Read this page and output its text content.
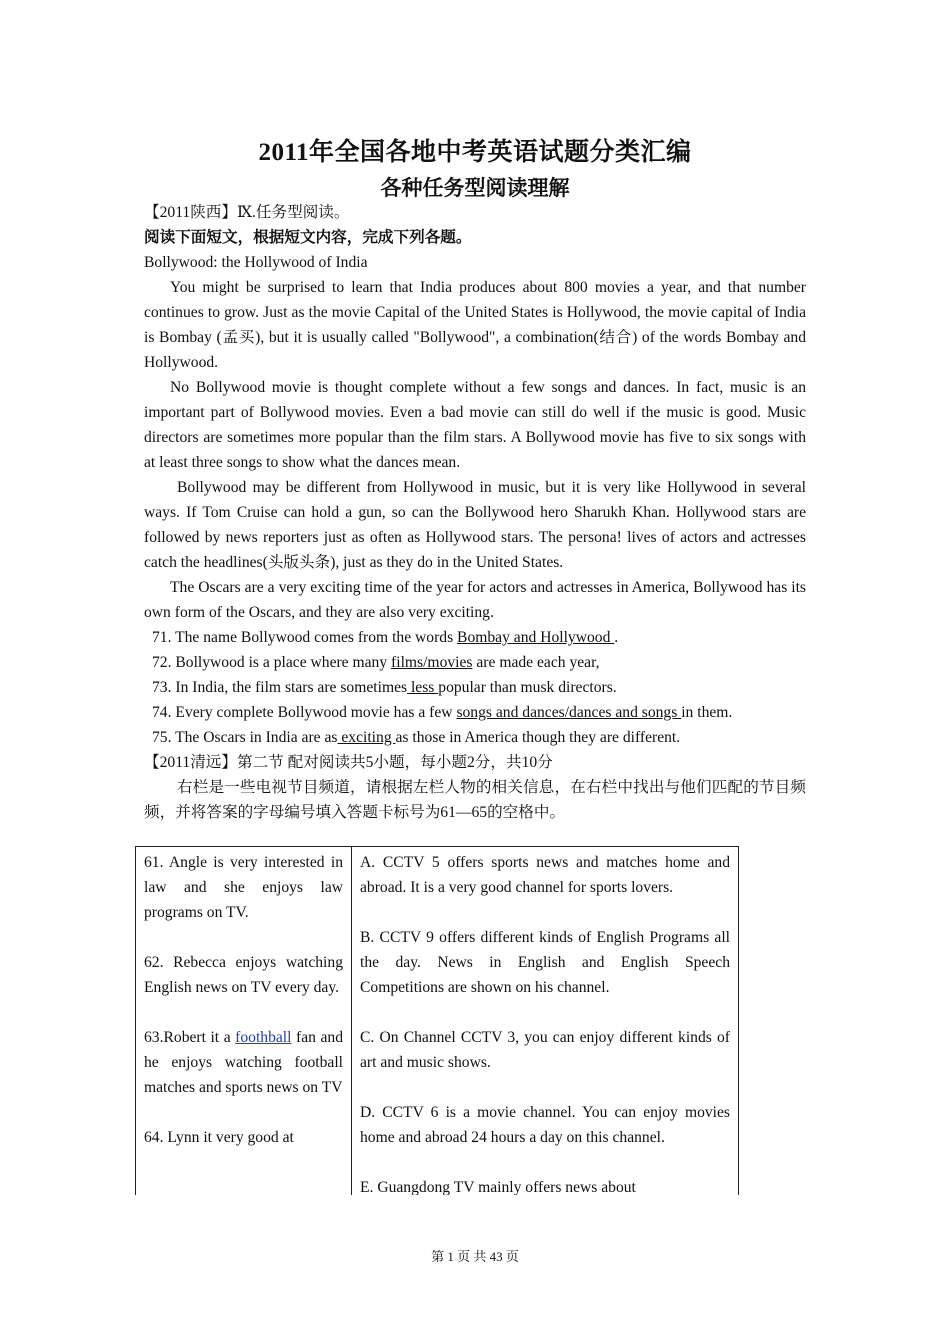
2011年全国各地中考英语试题分类汇编
各种任务型阅读理解

【2011陕西】Ⅸ.任务型阅读。

阅读下面短文，根据短文内容，完成下列各题。

Bollywood: the Hollywood of India

You might be surprised to learn that India produces about 800 movies a year, and that number continues to grow. Just as the movie Capital of the United States is Hollywood, the movie capital of India is Bombay (孟买), but it is usually called "Bollywood", a combination(结合) of the words Bombay and Hollywood.

No Bollywood movie is thought complete without a few songs and dances. In fact, music is an important part of Bollywood movies. Even a bad movie can still do well if the music is good. Music directors are sometimes more popular than the film stars. A Bollywood movie has five to six songs with at least three songs to show what the dances mean.

Bollywood may be different from Hollywood in music, but it is very like Hollywood in several ways. If Tom Cruise can hold a gun, so can the Bollywood hero Sharukh Khan. Hollywood stars are followed by news reporters just as often as Hollywood stars. The persona! lives of actors and actresses catch the headlines(头版头条), just as they do in the United States.

The Oscars are a very exciting time of the year for actors and actresses in America, Bollywood has its own form of the Oscars, and they are also very exciting.

71. The name Bollywood comes from the words Bombay and Hollywood .

72. Bollywood is a place where many films/movies are made each year,

73. In India, the film stars are sometimes less popular than musk directors.

74. Every complete Bollywood movie has a few songs and dances/dances and songs in them.

75. The Oscars in India are as exciting as those in America though they are different.

【2011清远】第二节 配对阅读共5小题，每小题2分，共10分

右栏是一些电视节目频道，请根据左栏人物的相关信息，在右栏中找出与他们匹配的节目频频，并将答案的字母编号填入答题卡标号为61—65的空格中。

61. Angle is very interested in law and she enjoys law programs on TV.
62. Rebecca enjoys watching English news on TV every day.
63.Robert it a foothball fan and he enjoys watching football matches and sports news on TV
64. Lynn it very good at
A. CCTV 5 offers sports news and matches home and abroad. It is a very good channel for sports lovers.
B. CCTV 9 offers different kinds of English Programs all the day. News in English and English Speech Competitions are shown on his channel.
C. On Channel CCTV 3, you can enjoy different kinds of art and music shows.
D. CCTV 6 is a movie channel. You can enjoy movies home and abroad 24 hours a day on this channel.
E. Guangdong TV mainly offers news about
第 1 页 共 43 页
